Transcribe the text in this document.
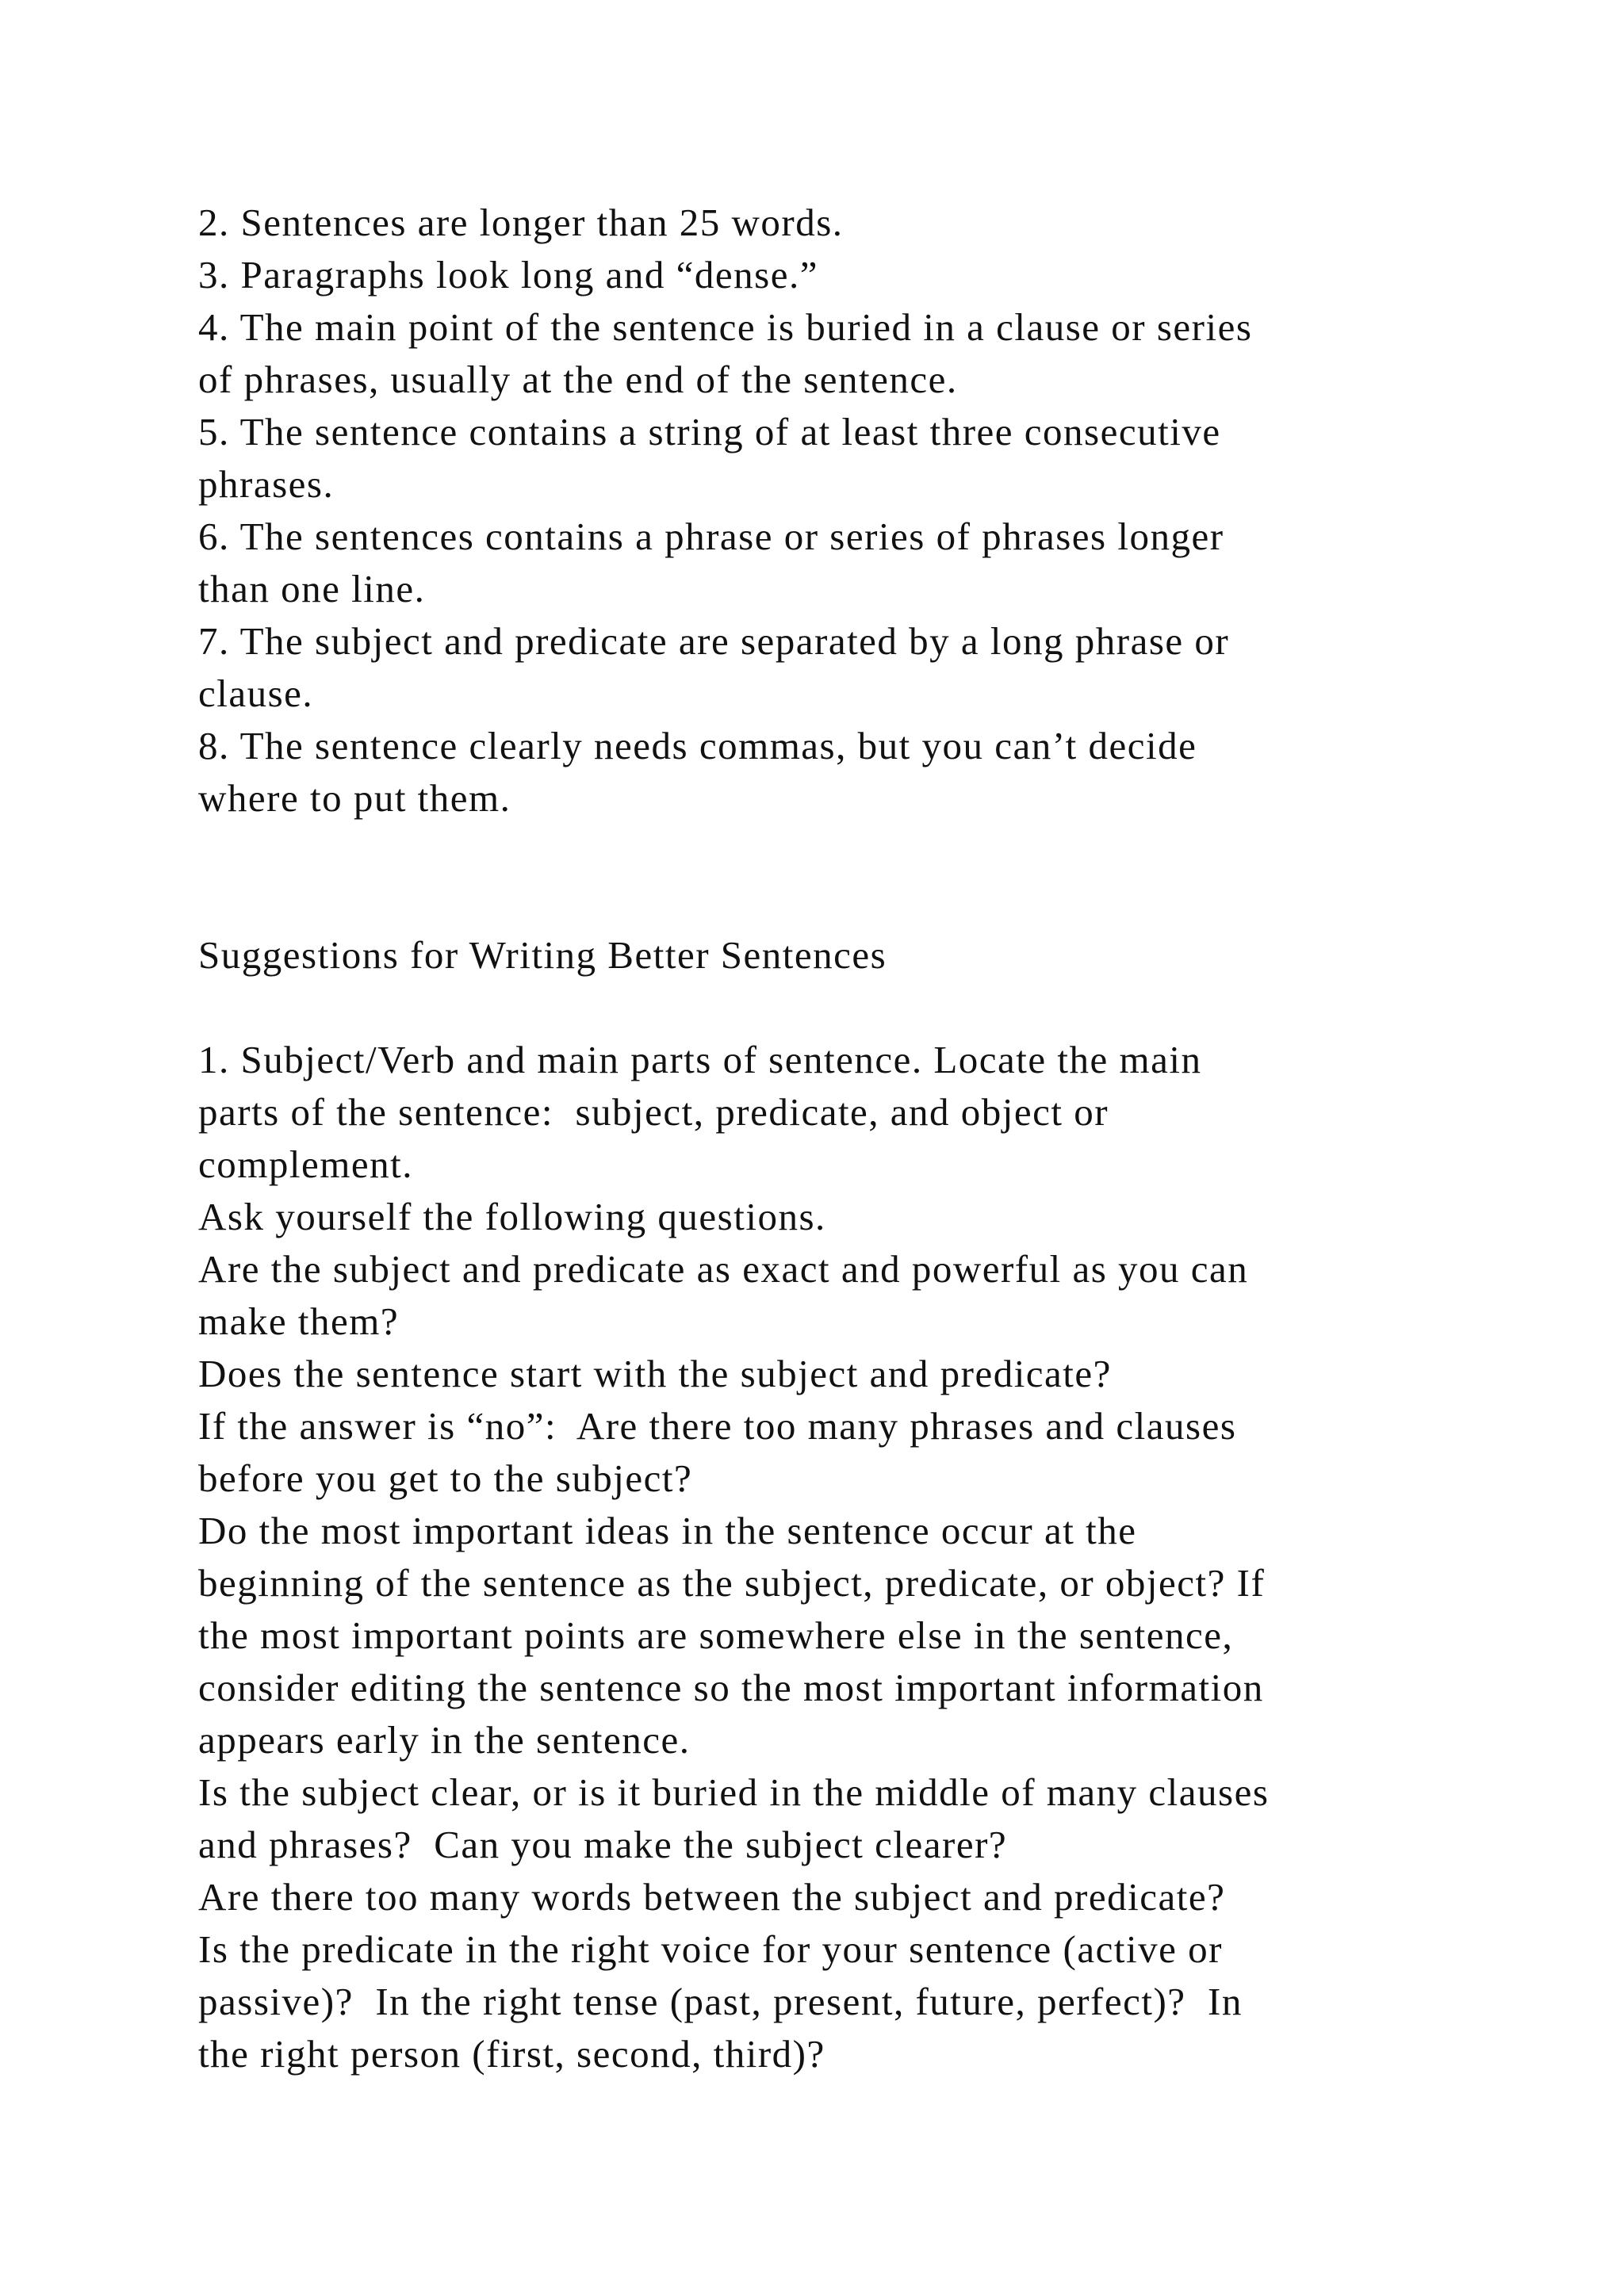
2. Sentences are longer than 25 words.
3. Paragraphs look long and “dense.”
4. The main point of the sentence is buried in a clause or series
of phrases, usually at the end of the sentence.
5. The sentence contains a string of at least three consecutive
phrases.
6. The sentences contains a phrase or series of phrases longer
than one line.
7. The subject and predicate are separated by a long phrase or
clause.
8. The sentence clearly needs commas, but you can’t decide
where to put them.
Suggestions for Writing Better Sentences
1. Subject/Verb and main parts of sentence. Locate the main
parts of the sentence:  subject, predicate, and object or
complement.
Ask yourself the following questions.
Are the subject and predicate as exact and powerful as you can
make them?
Does the sentence start with the subject and predicate?
If the answer is “no”:  Are there too many phrases and clauses
before you get to the subject?
Do the most important ideas in the sentence occur at the
beginning of the sentence as the subject, predicate, or object? If
the most important points are somewhere else in the sentence,
consider editing the sentence so the most important information
appears early in the sentence.
Is the subject clear, or is it buried in the middle of many clauses
and phrases?  Can you make the subject clearer?
Are there too many words between the subject and predicate?
Is the predicate in the right voice for your sentence (active or
passive)?  In the right tense (past, present, future, perfect)?  In
the right person (first, second, third)?
